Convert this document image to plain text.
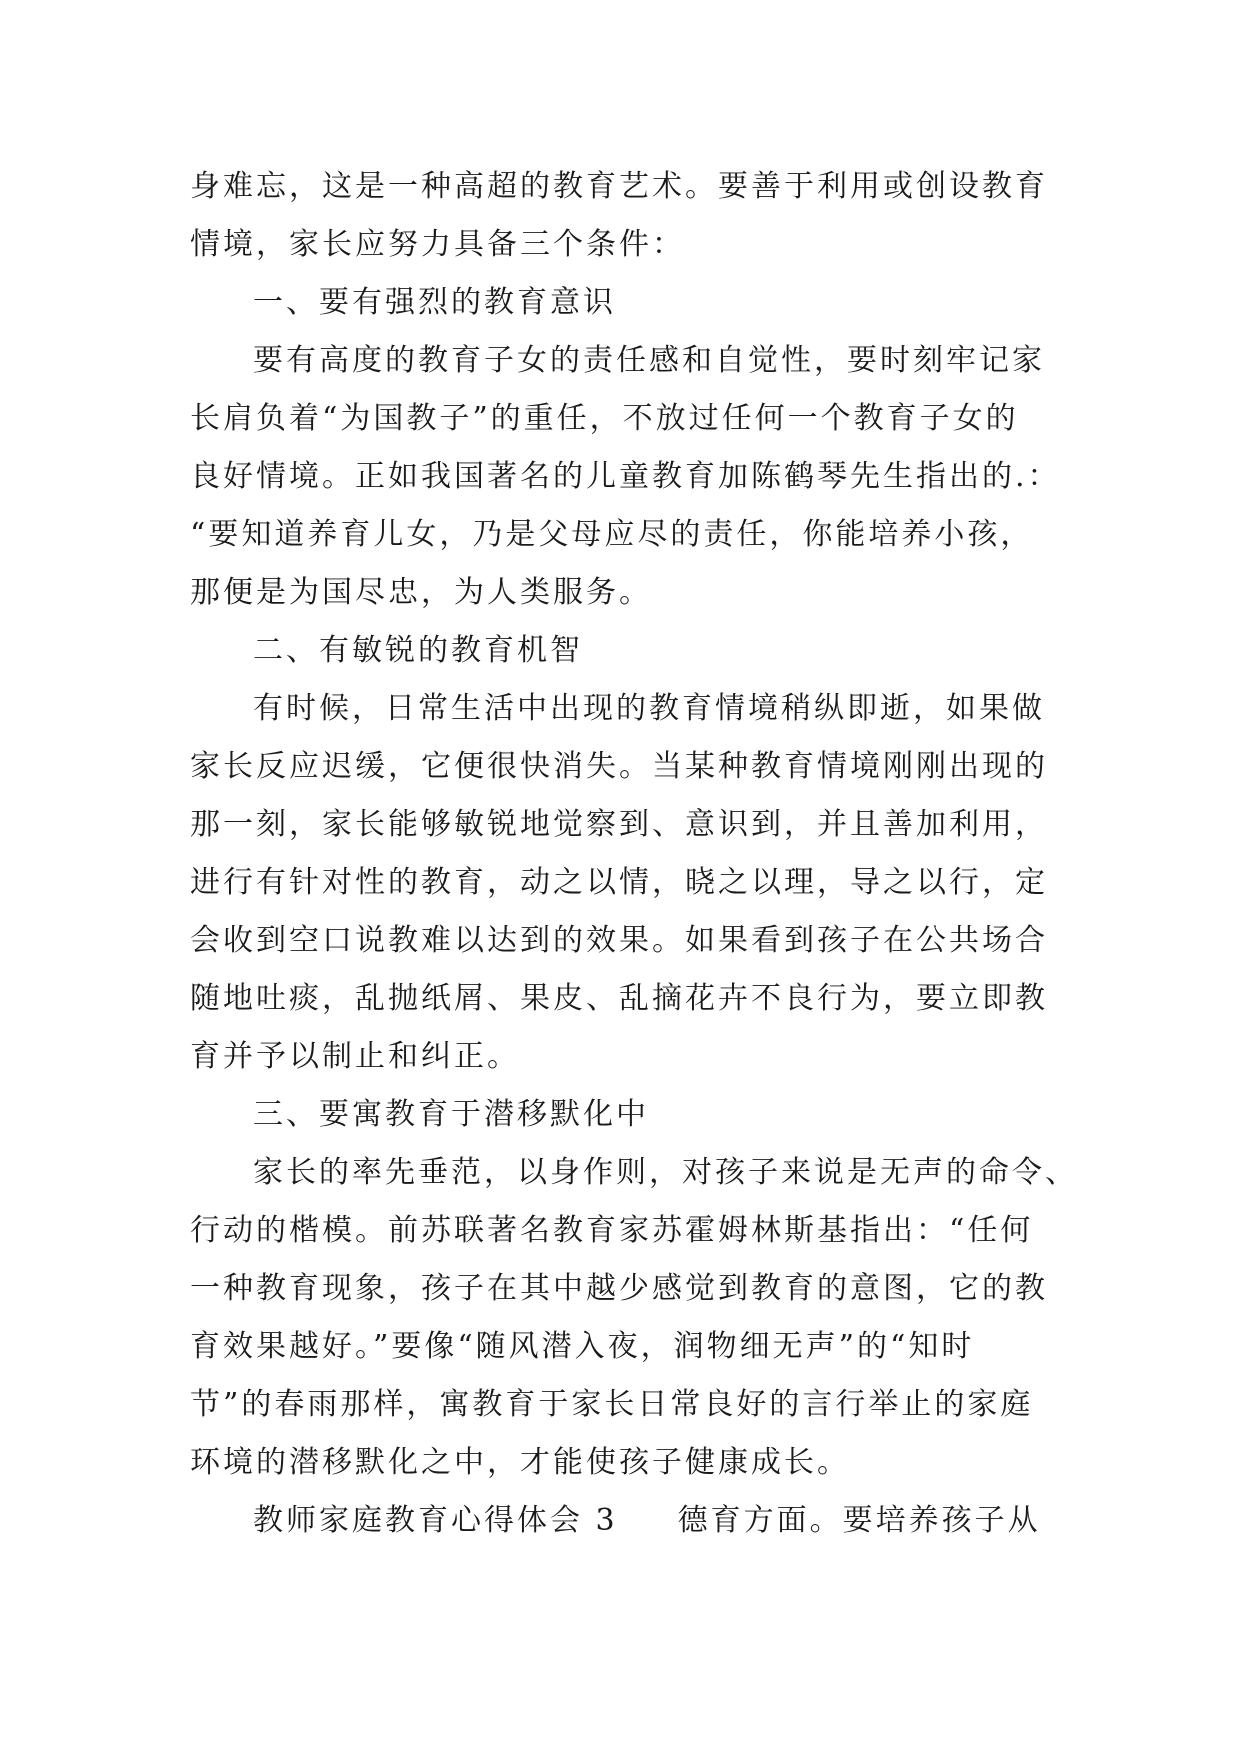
身难忘，这是一种高超的教育艺术。要善于利用或创设教育

情境，家长应努力具备三个条件：

一、要有强烈的教育意识

要有高度的教育子女的责任感和自觉性，要时刻牢记家

长肩负着“为国教子”的重任，不放过任何一个教育子女的

良好情境。正如我国著名的儿童教育加陈鹤琴先生指出的.：

“要知道养育儿女，乃是父母应尽的责任，你能培养小孩，

那便是为国尽忠，为人类服务。

二、有敏锐的教育机智

有时候，日常生活中出现的教育情境稍纵即逝，如果做

家长反应迟缓，它便很快消失。当某种教育情境刚刚出现的

那一刻，家长能够敏锐地觉察到、意识到，并且善加利用，

进行有针对性的教育，动之以情，晓之以理，导之以行，定

会收到空口说教难以达到的效果。如果看到孩子在公共场合

随地吐痰，乱抛纸屑、果皮、乱摘花卉不良行为，要立即教

育并予以制止和纠正。

三、要寓教育于潜移默化中

家长的率先垂范，以身作则，对孩子来说是无声的命令、

行动的楷模。前苏联著名教育家苏霍姆林斯基指出：“任何

一种教育现象，孩子在其中越少感觉到教育的意图，它的教

育效果越好。”要像“随风潜入夜，润物细无声”的“知时

节”的春雨那样，寓教育于家长日常良好的言行举止的家庭

环境的潜移默化之中，才能使孩子健康成长。

教师家庭教育心得体会 3 德育方面。要培养孩子从
